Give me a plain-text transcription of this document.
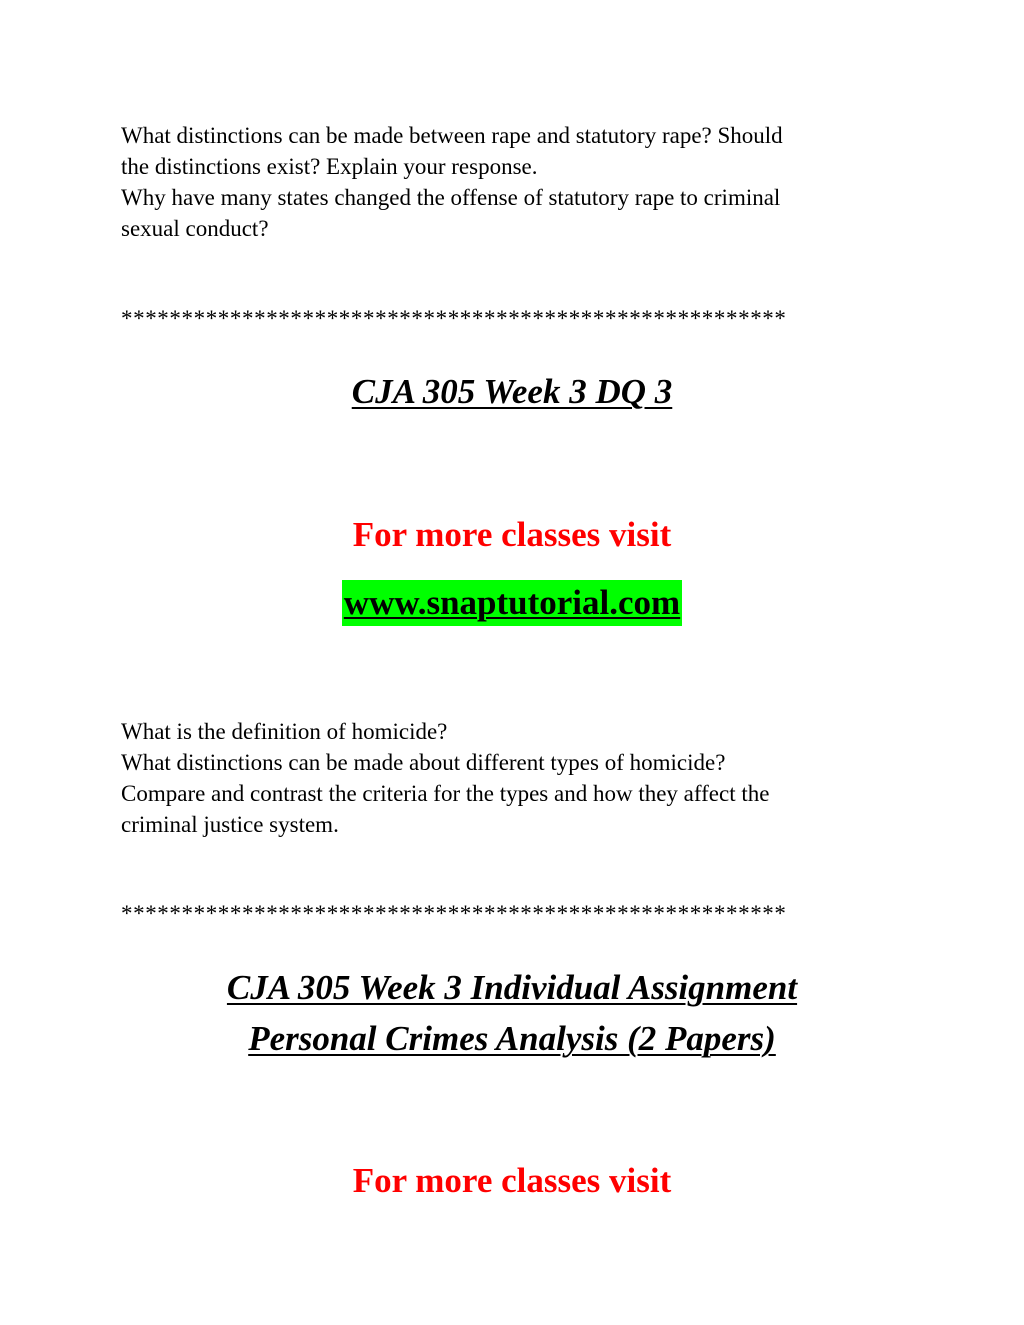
What distinctions can be made between rape and statutory rape? Should
the distinctions exist? Explain your response.
Why have many states changed the offense of statutory rape to criminal
sexual conduct?
*******************************************************
CJA 305 Week 3 DQ 3
For more classes visit
www.snaptutorial.com
What is the definition of homicide?
What distinctions can be made about different types of homicide?
Compare and contrast the criteria for the types and how they affect the
criminal justice system.
*******************************************************
CJA 305 Week 3 Individual Assignment
Personal Crimes Analysis (2 Papers)
For more classes visit
